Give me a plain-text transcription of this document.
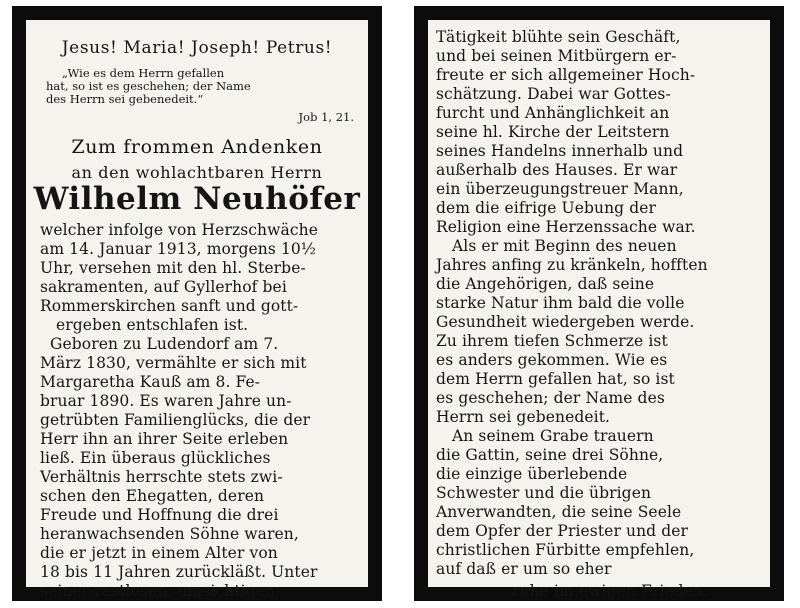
Jesus! Maria! Joseph! Petrus!
„Wie es dem Herrn gefallen
hat, so ist es geschehen; der Name
des Herrn sei gebenedeit.“
Job 1, 21.
Zum frommen Andenken
an den wohlachtbaren Herrn
Wilhelm Neuhöfer
welcher infolge von Herzschwäche
am 14. Januar 1913, morgens 10½
Uhr, versehen mit den hl. Sterbe-
sakramenten, auf Gyllerhof bei
Rommerskirchen sanft und gott-
ergeben entschlafen ist.
Geboren zu Ludendorf am 7.
März 1830, vermählte er sich mit
Margaretha Kauß am 8. Fe-
bruar 1890. Es waren Jahre un-
getrübten Familienglücks, die der
Herr ihn an ihrer Seite erleben
ließ. Ein überaus glückliches
Verhältnis herrschte stets zwi-
schen den Ehegatten, deren
Freude und Hoffnung die drei
heranwachsenden Söhne waren,
die er jetzt in einem Alter von
18 bis 11 Jahren zurückläßt. Unter
seiner rastlosen, umsichtigen
Tätigkeit blühte sein Geschäft,
und bei seinen Mitbürgern er-
freute er sich allgemeiner Hoch-
schätzung. Dabei war Gottes-
furcht und Anhänglichkeit an
seine hl. Kirche der Leitstern
seines Handelns innerhalb und
außerhalb des Hauses. Er war
ein überzeugungstreuer Mann,
dem die eifrige Uebung der
Religion eine Herzenssache war.
Als er mit Beginn des neuen
Jahres anfing zu kränkeln, hofften
die Angehörigen, daß seine
starke Natur ihm bald die volle
Gesundheit wiedergeben werde.
Zu ihrem tiefen Schmerze ist
es anders gekommen. Wie es
dem Herrn gefallen hat, so ist
es geschehen; der Name des
Herrn sei gebenedeit.
An seinem Grabe trauern
die Gattin, seine drei Söhne,
die einzige überlebende
Schwester und die übrigen
Anverwandten, die seine Seele
dem Opfer der Priester und der
christlichen Fürbitte empfehlen,
auf daß er um so eher
ruhe im ewigen Frieden.
